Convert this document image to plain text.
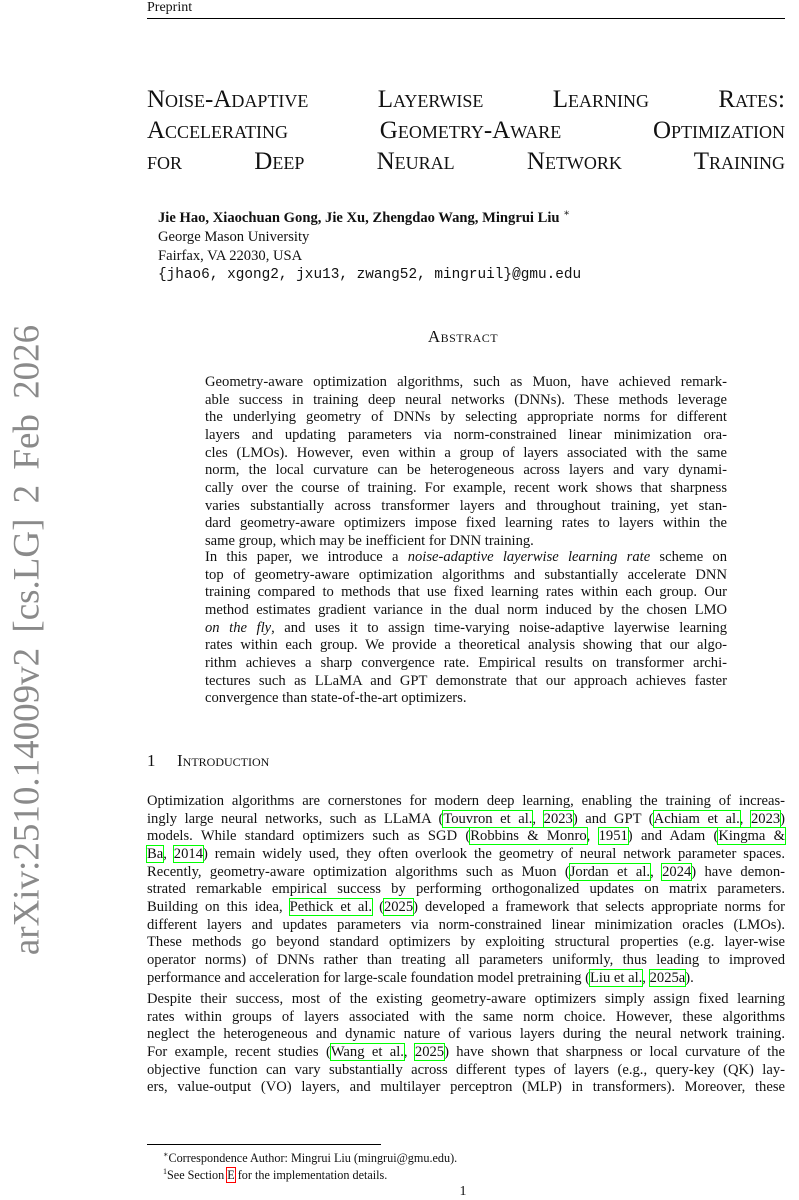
Preprint
arXiv:2510.14009v2 [cs.LG] 2 Feb 2026
Noise-Adaptive Layerwise Learning Rates:
Accelerating Geometry-Aware Optimization
for Deep Neural Network Training
Jie Hao, Xiaochuan Gong, Jie Xu, Zhengdao Wang, Mingrui Liu ∗
George Mason University
Fairfax, VA 22030, USA
{jhao6, xgong2, jxu13, zwang52, mingruil}@gmu.edu
Abstract
Geometry-aware optimization algorithms, such as Muon, have achieved remark-
able success in training deep neural networks (DNNs). These methods leverage
the underlying geometry of DNNs by selecting appropriate norms for different
layers and updating parameters via norm-constrained linear minimization ora-
cles (LMOs). However, even within a group of layers associated with the same
norm, the local curvature can be heterogeneous across layers and vary dynami-
cally over the course of training. For example, recent work shows that sharpness
varies substantially across transformer layers and throughout training, yet stan-
dard geometry-aware optimizers impose fixed learning rates to layers within the
same group, which may be inefficient for DNN training.
In this paper, we introduce a noise-adaptive layerwise learning rate scheme on
top of geometry-aware optimization algorithms and substantially accelerate DNN
training compared to methods that use fixed learning rates within each group. Our
method estimates gradient variance in the dual norm induced by the chosen LMO
on the fly, and uses it to assign time-varying noise-adaptive layerwise learning
rates within each group. We provide a theoretical analysis showing that our algo-
rithm achieves a sharp convergence rate. Empirical results on transformer archi-
tectures such as LLaMA and GPT demonstrate that our approach achieves faster
convergence than state-of-the-art optimizers.
1 Introduction
Optimization algorithms are cornerstones for modern deep learning, enabling the training of increas-
ingly large neural networks, such as LLaMA (Touvron et al., 2023) and GPT (Achiam et al., 2023)
models. While standard optimizers such as SGD (Robbins & Monro, 1951) and Adam (Kingma &
Ba, 2014) remain widely used, they often overlook the geometry of neural network parameter spaces.
Recently, geometry-aware optimization algorithms such as Muon (Jordan et al., 2024) have demon-
strated remarkable empirical success by performing orthogonalized updates on matrix parameters.
Building on this idea, Pethick et al. (2025) developed a framework that selects appropriate norms for
different layers and updates parameters via norm-constrained linear minimization oracles (LMOs).
These methods go beyond standard optimizers by exploiting structural properties (e.g. layer-wise
operator norms) of DNNs rather than treating all parameters uniformly, thus leading to improved
performance and acceleration for large-scale foundation model pretraining (Liu et al., 2025a).
Despite their success, most of the existing geometry-aware optimizers simply assign fixed learning
rates within groups of layers associated with the same norm choice. However, these algorithms
neglect the heterogeneous and dynamic nature of various layers during the neural network training.
For example, recent studies (Wang et al., 2025) have shown that sharpness or local curvature of the
objective function can vary substantially across different types of layers (e.g., query-key (QK) lay-
ers, value-output (VO) layers, and multilayer perceptron (MLP) in transformers). Moreover, these
∗Correspondence Author: Mingrui Liu (mingrui@gmu.edu).
$^1$See Section E for the implementation details.
1
